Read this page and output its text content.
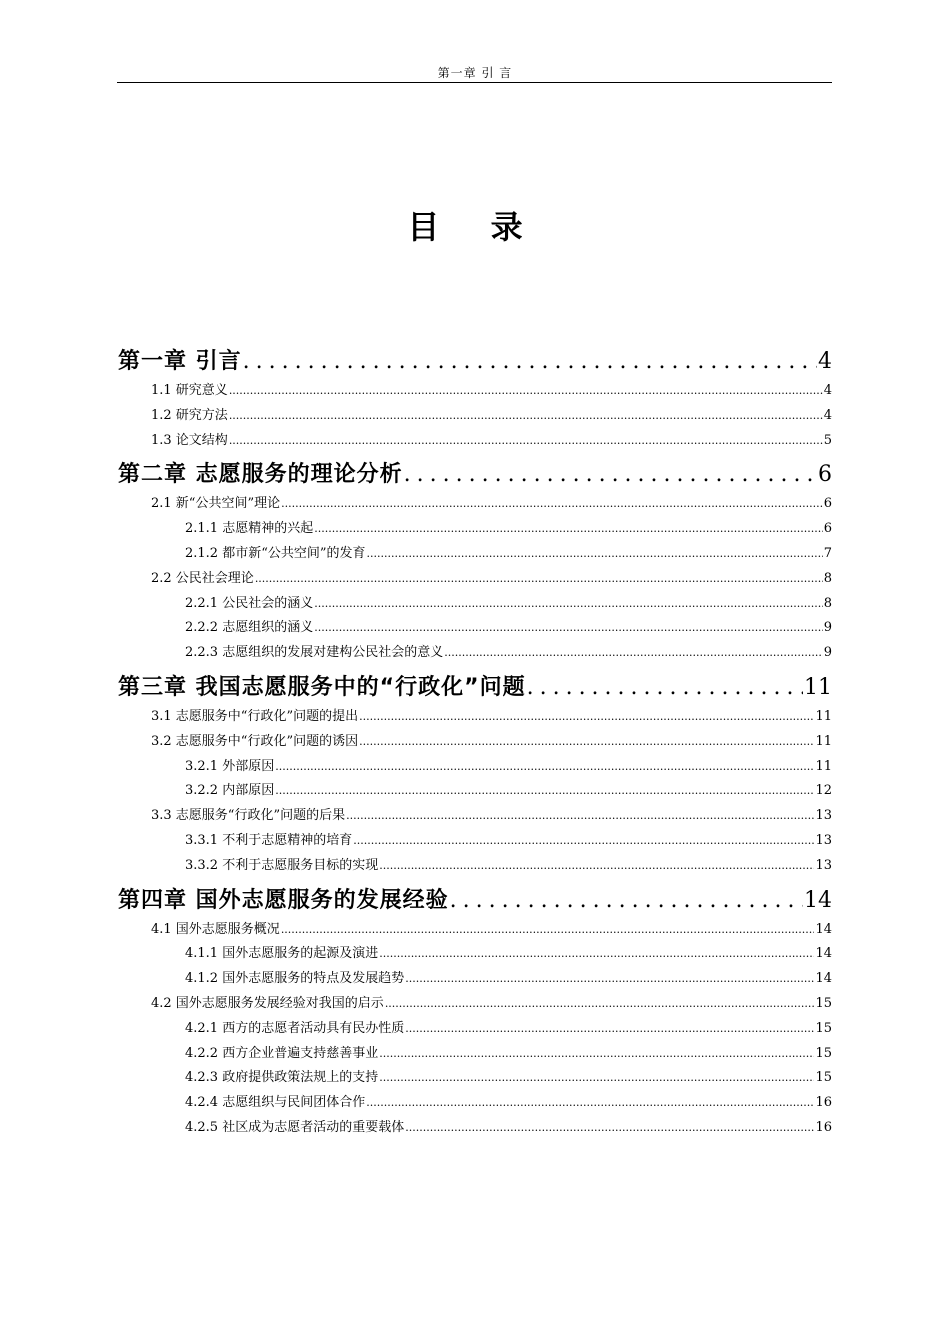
第一章 引 言
目 录
第一章 引言 .....	4
1.1 研究意义 .....	4
1.2 研究方法 .....	4
1.3 论文结构 .....	5
第二章 志愿服务的理论分析 .....	6
2.1 新“公共空间”理论 .....	6
2.1.1 志愿精神的兴起 .....	6
2.1.2 都市新“公共空间”的发育 .....	7
2.2 公民社会理论 .....	8
2.2.1 公民社会的涵义 .....	8
2.2.2 志愿组织的涵义 .....	9
2.2.3 志愿组织的发展对建构公民社会的意义 .....	9
第三章 我国志愿服务中的“行政化”问题 .....	11
3.1 志愿服务中“行政化”问题的提出 .....	11
3.2 志愿服务中“行政化”问题的诱因 .....	11
3.2.1 外部原因 .....	11
3.2.2 内部原因 .....	12
3.3 志愿服务“行政化”问题的后果 .....	13
3.3.1 不利于志愿精神的培育 .....	13
3.3.2 不利于志愿服务目标的实现 .....	13
第四章 国外志愿服务的发展经验 .....	14
4.1 国外志愿服务概况 .....	14
4.1.1 国外志愿服务的起源及演进 .....	14
4.1.2 国外志愿服务的特点及发展趋势 .....	14
4.2 国外志愿服务发展经验对我国的启示 .....	15
4.2.1 西方的志愿者活动具有民办性质 .....	15
4.2.2 西方企业普遍支持慈善事业 .....	15
4.2.3 政府提供政策法规上的支持 .....	15
4.2.4 志愿组织与民间团体合作 .....	16
4.2.5 社区成为志愿者活动的重要载体 .....	16
